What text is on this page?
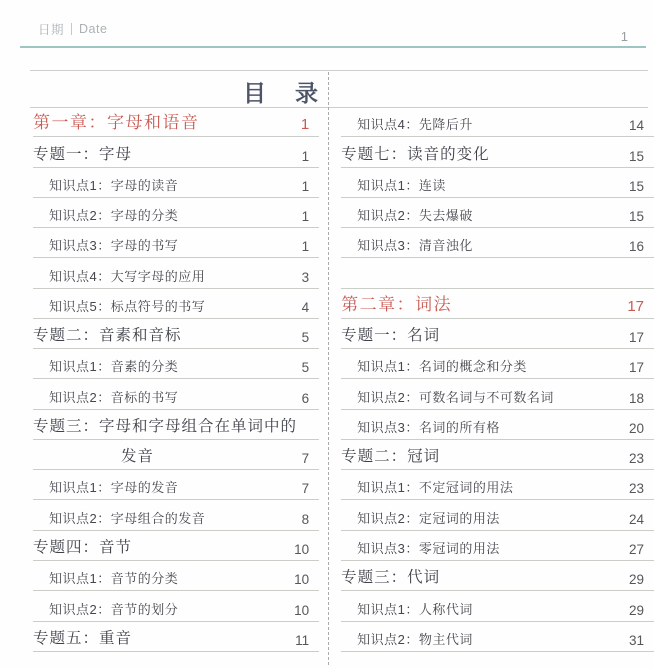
日期 Date	1
目　录
第一章：字母和语音	1
专题一：字母	1
知识点1：字母的读音	1
知识点2：字母的分类	1
知识点3：字母的书写	1
知识点4：大写字母的应用	3
知识点5：标点符号的书写	4
专题二：音素和音标	5
知识点1：音素的分类	5
知识点2：音标的书写	6
专题三：字母和字母组合在单词中的
发音	7
知识点1：字母的发音	7
知识点2：字母组合的发音	8
专题四：音节	10
知识点1：音节的分类	10
知识点2：音节的划分	10
专题五：重音	11
知识点4：先降后升	14
专题七：读音的变化	15
知识点1：连读	15
知识点2：失去爆破	15
知识点3：清音浊化	16
第二章：词法	17
专题一：名词	17
知识点1：名词的概念和分类	17
知识点2：可数名词与不可数名词	18
知识点3：名词的所有格	20
专题二：冠词	23
知识点1：不定冠词的用法	23
知识点2：定冠词的用法	24
知识点3：零冠词的用法	27
专题三：代词	29
知识点1：人称代词	29
知识点2：物主代词	31
